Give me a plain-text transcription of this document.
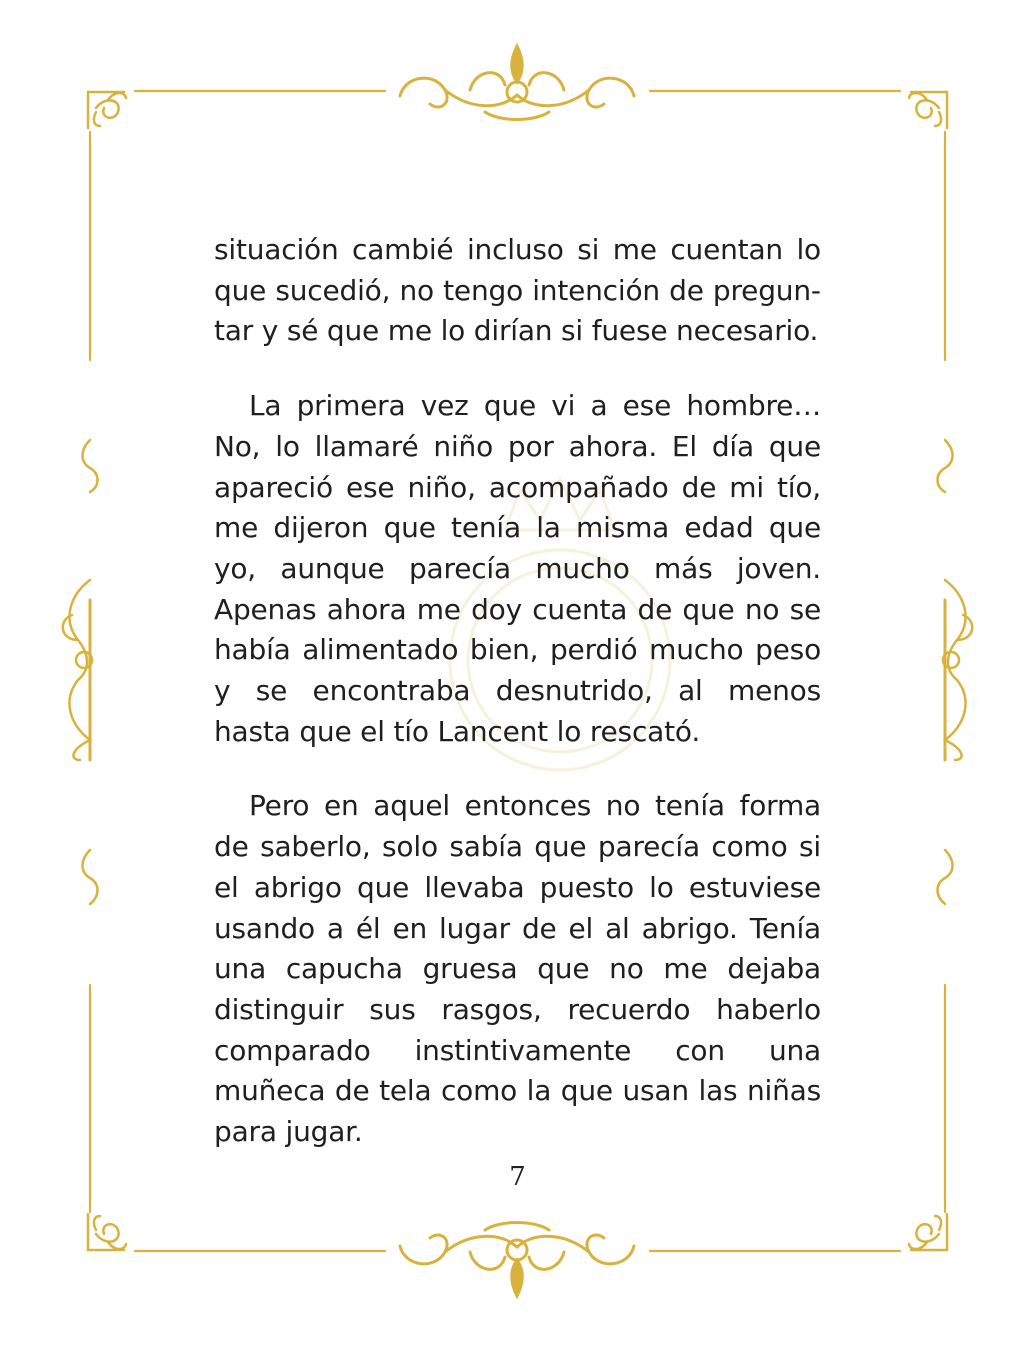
situación cambié incluso si me cuentan lo que sucedió, no tengo intención de preguntar y sé que me lo dirían si fuese necesario.

La primera vez que vi a ese hombre… No, lo llamaré niño por ahora. El día que apareció ese niño, acompañado de mi tío, me dijeron que tenía la misma edad que yo, aunque parecía mucho más joven. Apenas ahora me doy cuenta de que no se había alimentado bien, perdió mucho peso y se encontraba desnutrido, al menos hasta que el tío Lancent lo rescató.

Pero en aquel entonces no tenía forma de saberlo, solo sabía que parecía como si el abrigo que llevaba puesto lo estuviese usando a él en lugar de el al abrigo. Tenía una capucha gruesa que no me dejaba distinguir sus rasgos, recuerdo haberlo comparado instintivamente con una muñeca de tela como la que usan las niñas para jugar.

7
